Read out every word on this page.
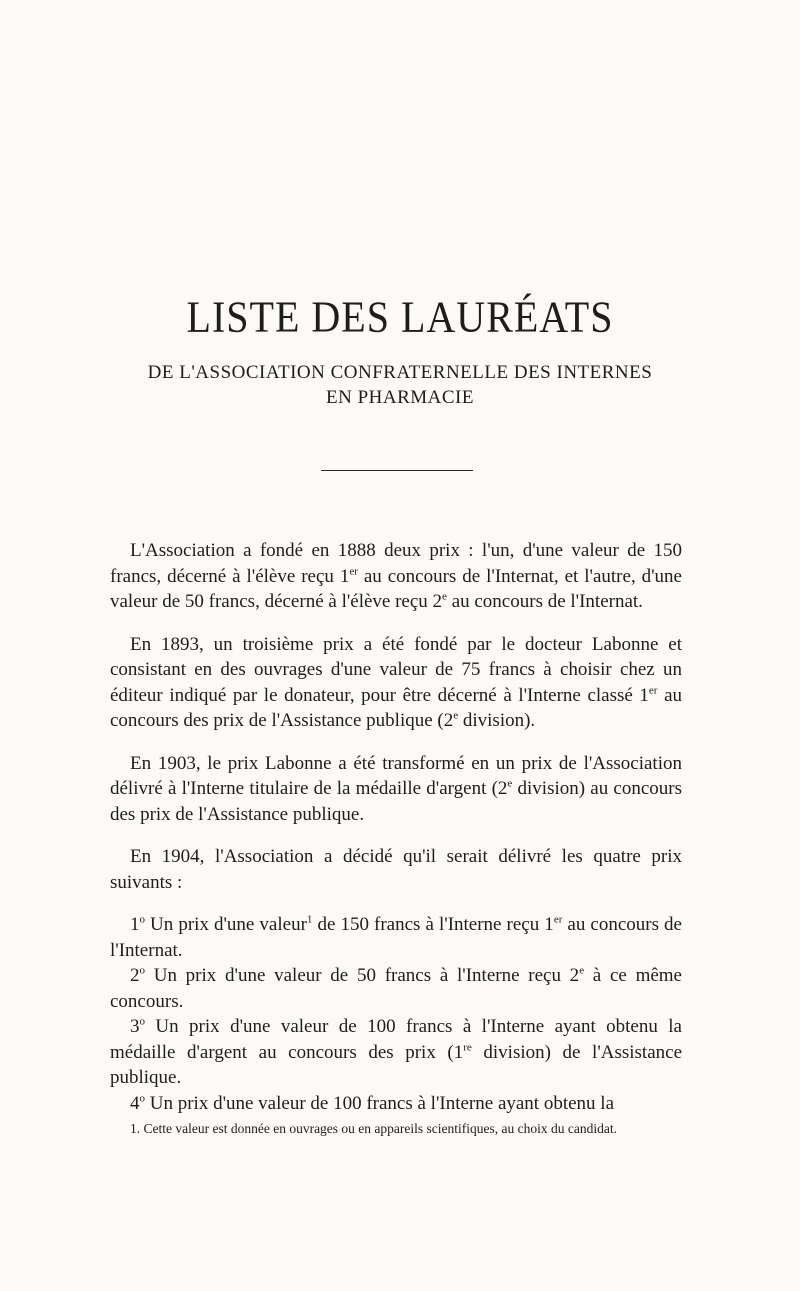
LISTE DES LAURÉATS
DE L'ASSOCIATION CONFRATERNELLE DES INTERNES
EN PHARMACIE

L'Association a fondé en 1888 deux prix : l'un, d'une valeur de 150 francs, décerné à l'élève reçu 1er au concours de l'Internat, et l'autre, d'une valeur de 50 francs, décerné à l'élève reçu 2e au concours de l'Internat.

En 1893, un troisième prix a été fondé par le docteur Labonne et consistant en des ouvrages d'une valeur de 75 francs à choisir chez un éditeur indiqué par le donateur, pour être décerné à l'Interne classé 1er au concours des prix de l'Assistance publique (2e division).

En 1903, le prix Labonne a été transformé en un prix de l'Association délivré à l'Interne titulaire de la médaille d'argent (2e division) au concours des prix de l'Assistance publique.

En 1904, l'Association a décidé qu'il serait délivré les quatre prix suivants :

1$^o$ Un prix d'une valeur$^1$ de 150 francs à l'Interne reçu 1er au concours de l'Internat.

2$^o$ Un prix d'une valeur de 50 francs à l'Interne reçu 2e à ce même concours.

3$^o$ Un prix d'une valeur de 100 francs à l'Interne ayant obtenu la médaille d'argent au concours des prix (1re division) de l'Assistance publique.

4$^o$ Un prix d'une valeur de 100 francs à l'Interne ayant obtenu la

1. Cette valeur est donnée en ouvrages ou en appareils scientifiques, au choix du candidat.
